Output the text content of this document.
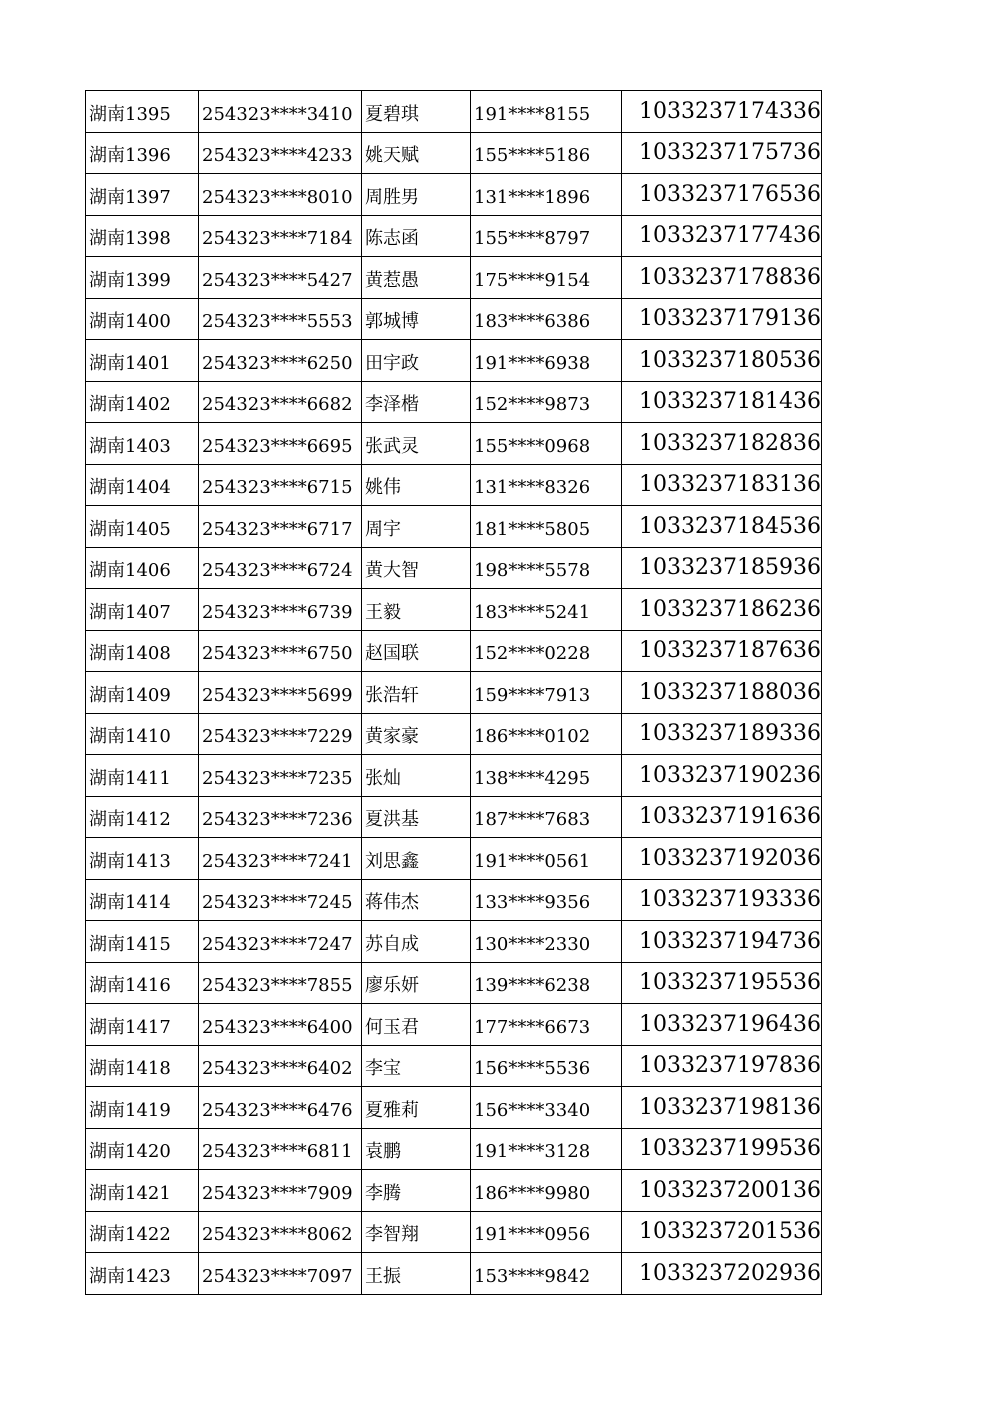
湖南1395	254323****3410	夏碧琪	191****8155	1033237174336

湖南1396	254323****4233	姚天赋	155****5186	1033237175736

湖南1397	254323****8010	周胜男	131****1896	1033237176536

湖南1398	254323****7184	陈志函	155****8797	1033237177436

湖南1399	254323****5427	黄惹愚	175****9154	1033237178836

湖南1400	254323****5553	郭城博	183****6386	1033237179136

湖南1401	254323****6250	田宇政	191****6938	1033237180536

湖南1402	254323****6682	李泽楷	152****9873	1033237181436

湖南1403	254323****6695	张武灵	155****0968	1033237182836

湖南1404	254323****6715	姚伟	131****8326	1033237183136

湖南1405	254323****6717	周宇	181****5805	1033237184536

湖南1406	254323****6724	黄大智	198****5578	1033237185936

湖南1407	254323****6739	王毅	183****5241	1033237186236

湖南1408	254323****6750	赵国联	152****0228	1033237187636

湖南1409	254323****5699	张浩轩	159****7913	1033237188036

湖南1410	254323****7229	黄家豪	186****0102	1033237189336

湖南1411	254323****7235	张灿	138****4295	1033237190236

湖南1412	254323****7236	夏洪基	187****7683	1033237191636

湖南1413	254323****7241	刘思鑫	191****0561	1033237192036

湖南1414	254323****7245	蒋伟杰	133****9356	1033237193336

湖南1415	254323****7247	苏自成	130****2330	1033237194736

湖南1416	254323****7855	廖乐妍	139****6238	1033237195536

湖南1417	254323****6400	何玉君	177****6673	1033237196436

湖南1418	254323****6402	李宝	156****5536	1033237197836

湖南1419	254323****6476	夏雅莉	156****3340	1033237198136

湖南1420	254323****6811	袁鹏	191****3128	1033237199536

湖南1421	254323****7909	李腾	186****9980	1033237200136

湖南1422	254323****8062	李智翔	191****0956	1033237201536

湖南1423	254323****7097	王振	153****9842	1033237202936
